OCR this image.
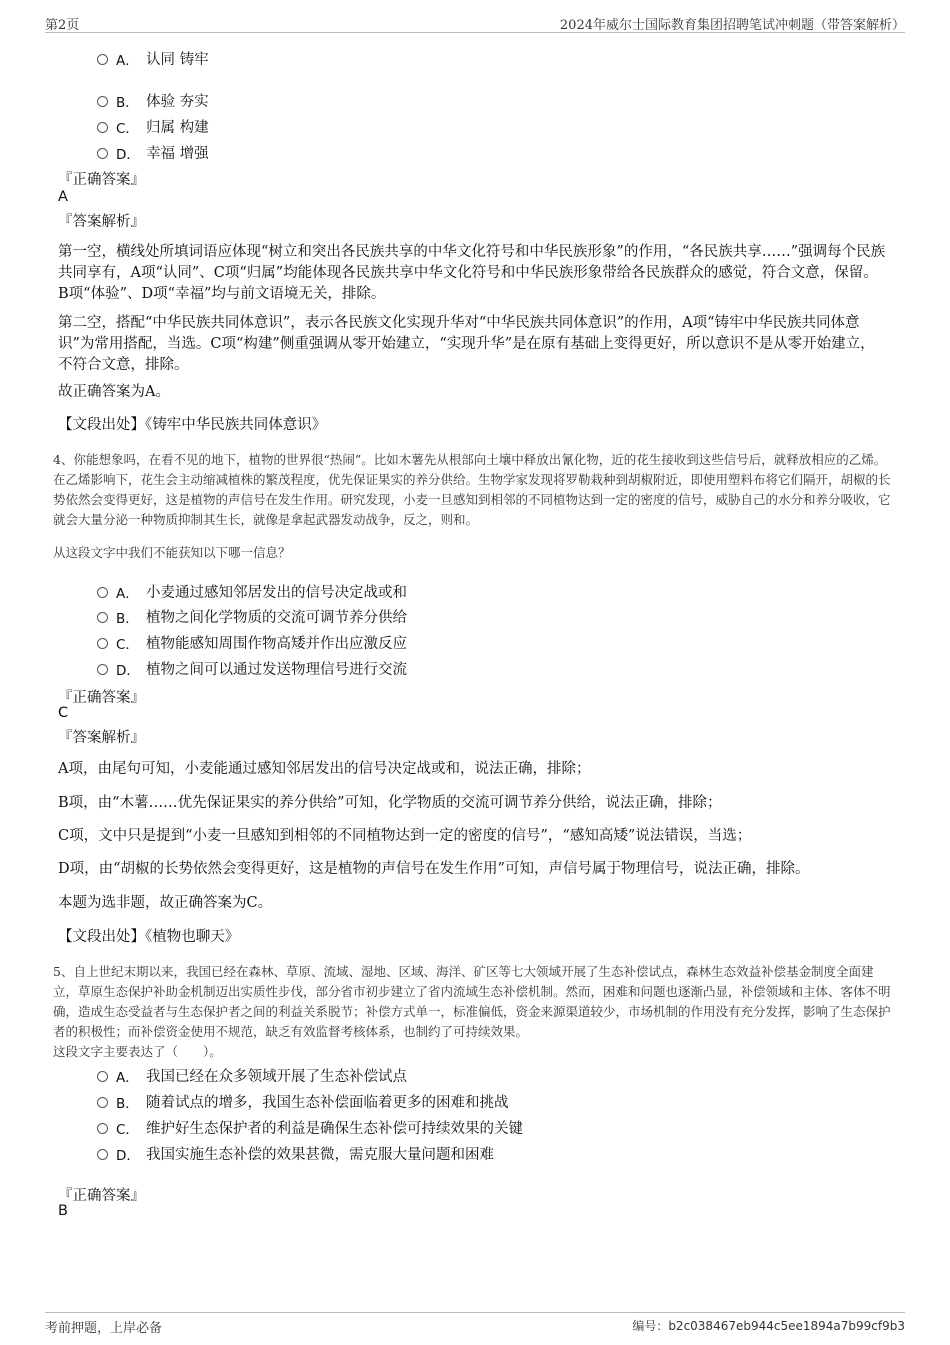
第2页	2024年威尔士国际教育集团招聘笔试冲刺题（带答案解析）
A． 认同 铸牢
B． 体验 夯实
C． 归属 构建
D． 幸福 增强
『正确答案』
A
『答案解析』
第一空，横线处所填词语应体现“树立和突出各民族共享的中华文化符号和中华民族形象”的作用，“各民族共享……”强调每个民族共同享有，A项“认同”、C项“归属”均能体现各民族共享中华文化符号和中华民族形象带给各民族群众的感觉，符合文意，保留。B项“体验”、D项“幸福”均与前文语境无关，排除。
第二空，搭配“中华民族共同体意识”，表示各民族文化实现升华对“中华民族共同体意识”的作用，A项“铸牢中华民族共同体意识”为常用搭配，当选。C项“构建”侧重强调从零开始建立，“实现升华”是在原有基础上变得更好，所以意识不是从零开始建立，不符合文意，排除。
故正确答案为A。
【文段出处】《铸牢中华民族共同体意识》
4、你能想象吗，在看不见的地下，植物的世界很“热闹”。比如木薯先从根部向土壤中释放出氰化物，近的花生接收到这些信号后，就释放相应的乙烯。在乙烯影响下，花生会主动缩减植株的繁茂程度，优先保证果实的养分供给。生物学家发现将罗勒栽种到胡椒附近，即使用塑料布将它们隔开，胡椒的长势依然会变得更好，这是植物的声信号在发生作用。研究发现，小麦一旦感知到相邻的不同植物达到一定的密度的信号，威胁自己的水分和养分吸收，它就会大量分泌一种物质抑制其生长，就像是拿起武器发动战争，反之，则和。
从这段文字中我们不能获知以下哪一信息？
A． 小麦通过感知邻居发出的信号决定战或和
B． 植物之间化学物质的交流可调节养分供给
C． 植物能感知周围作物高矮并作出应激反应
D． 植物之间可以通过发送物理信号进行交流
『正确答案』
C
『答案解析』
A项，由尾句可知，小麦能通过感知邻居发出的信号决定战或和，说法正确，排除；
B项，由“木薯……优先保证果实的养分供给”可知，化学物质的交流可调节养分供给，说法正确，排除；
C项，文中只是提到“小麦一旦感知到相邻的不同植物达到一定的密度的信号”，“感知高矮”说法错误，当选；
D项，由“胡椒的长势依然会变得更好，这是植物的声信号在发生作用”可知，声信号属于物理信号，说法正确，排除。
本题为选非题，故正确答案为C。
【文段出处】《植物也聊天》
5、自上世纪末期以来，我国已经在森林、草原、流域、湿地、区域、海洋、矿区等七大领域开展了生态补偿试点，森林生态效益补偿基金制度全面建立，草原生态保护补助金机制迈出实质性步伐，部分省市初步建立了省内流域生态补偿机制。然而，困难和问题也逐渐凸显，补偿领域和主体、客体不明确，造成生态受益者与生态保护者之间的利益关系脱节；补偿方式单一，标准偏低，资金来源渠道较少，市场机制的作用没有充分发挥，影响了生态保护者的积极性；而补偿资金使用不规范，缺乏有效监督考核体系，也制约了可持续效果。
这段文字主要表达了（　　）。
A． 我国已经在众多领域开展了生态补偿试点
B． 随着试点的增多，我国生态补偿面临着更多的困难和挑战
C． 维护好生态保护者的利益是确保生态补偿可持续效果的关键
D． 我国实施生态补偿的效果甚微，需克服大量问题和困难
『正确答案』
B
考前押题，上岸必备	编号：b2c038467eb944c5ee1894a7b99cf9b3
